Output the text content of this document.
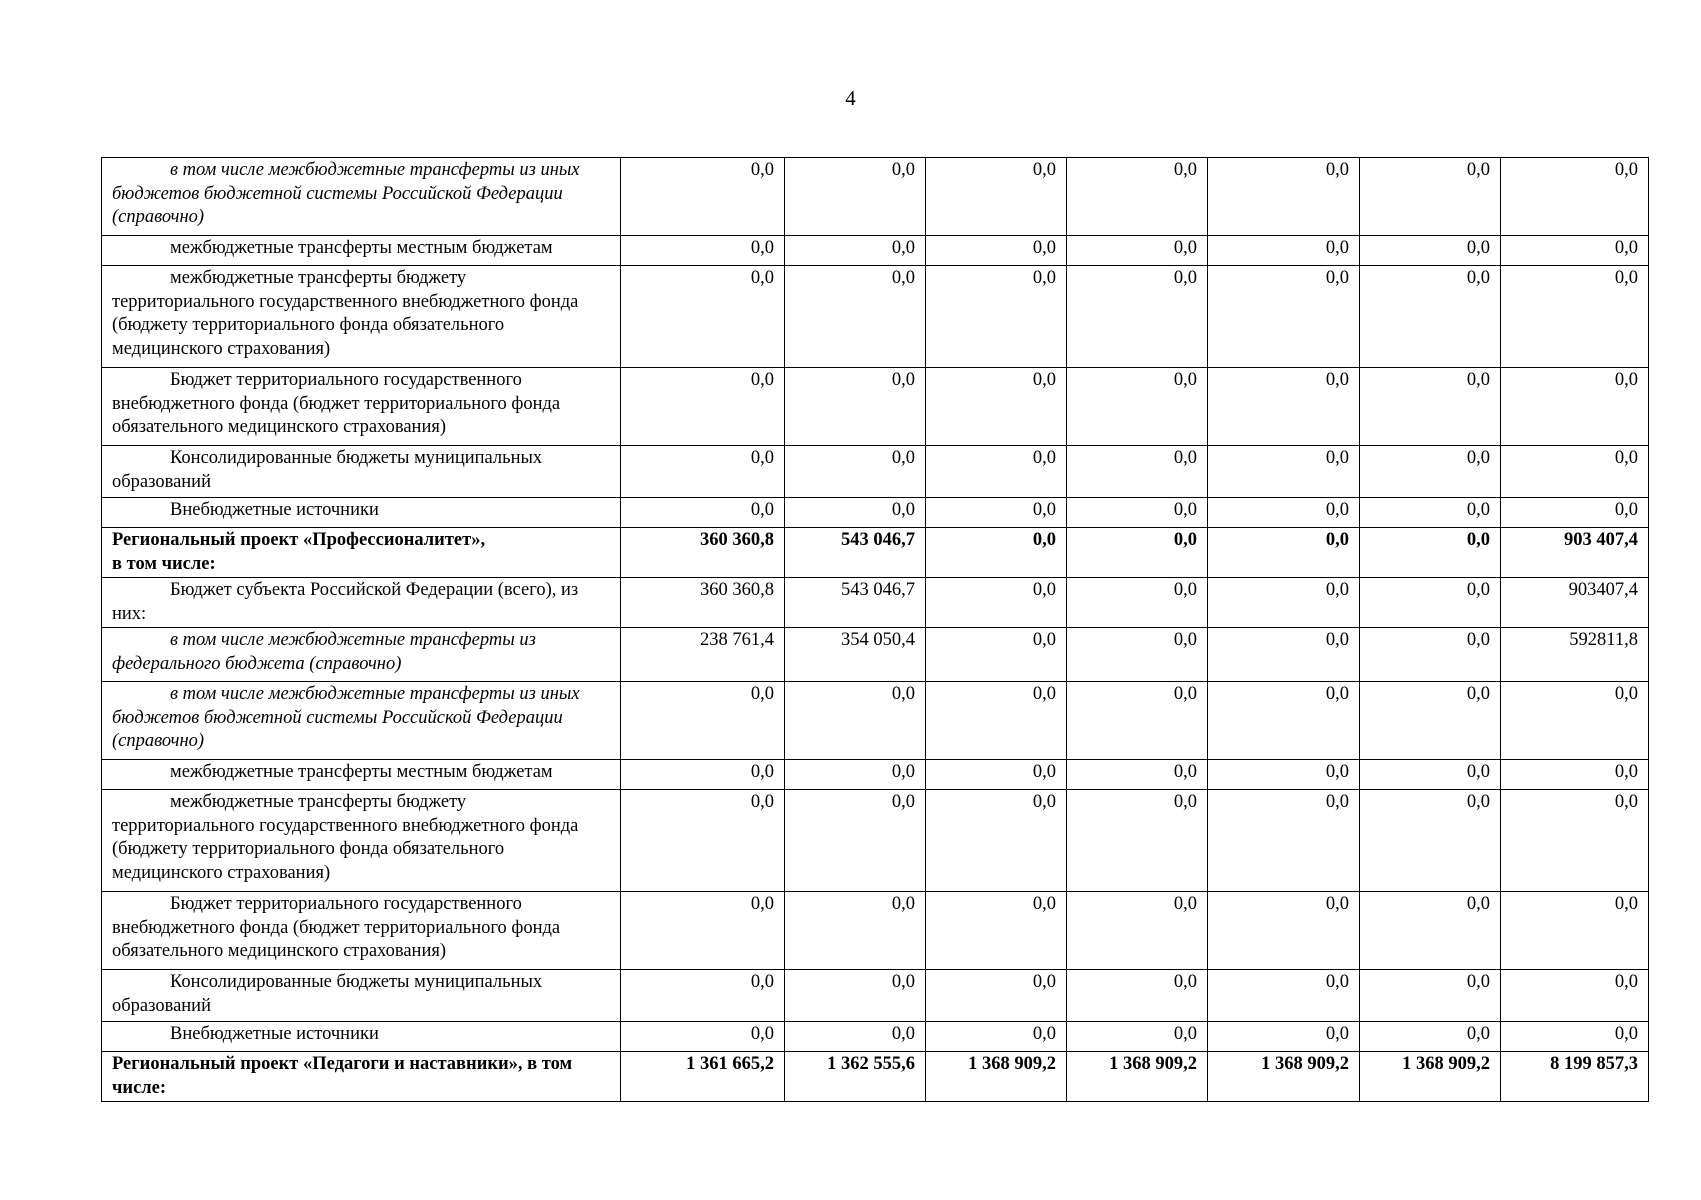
4
в том числе межбюджетные трансферты из иных бюджетов бюджетной системы Российской Федерации (справочно)	0,0	0,0	0,0	0,0	0,0	0,0	0,0

межбюджетные трансферты местным бюджетам	0,0	0,0	0,0	0,0	0,0	0,0	0,0

межбюджетные трансферты бюджету территориального государственного внебюджетного фонда (бюджету территориального фонда обязательного медицинского страхования)	0,0	0,0	0,0	0,0	0,0	0,0	0,0

Бюджет территориального государственного внебюджетного фонда (бюджет территориального фонда обязательного медицинского страхования)	0,0	0,0	0,0	0,0	0,0	0,0	0,0

Консолидированные бюджеты муниципальных образований	0,0	0,0	0,0	0,0	0,0	0,0	0,0

Внебюджетные источники	0,0	0,0	0,0	0,0	0,0	0,0	0,0

Региональный проект «Профессионалитет»,
в том числе:	360 360,8	543 046,7	0,0	0,0	0,0	0,0	903 407,4

Бюджет субъекта Российской Федерации (всего), из них:	360 360,8	543 046,7	0,0	0,0	0,0	0,0	903407,4

в том числе межбюджетные трансферты из федерального бюджета (справочно)	238 761,4	354 050,4	0,0	0,0	0,0	0,0	592811,8

в том числе межбюджетные трансферты из иных бюджетов бюджетной системы Российской Федерации (справочно)	0,0	0,0	0,0	0,0	0,0	0,0	0,0

межбюджетные трансферты местным бюджетам	0,0	0,0	0,0	0,0	0,0	0,0	0,0

межбюджетные трансферты бюджету территориального государственного внебюджетного фонда (бюджету территориального фонда обязательного медицинского страхования)	0,0	0,0	0,0	0,0	0,0	0,0	0,0

Бюджет территориального государственного внебюджетного фонда (бюджет территориального фонда обязательного медицинского страхования)	0,0	0,0	0,0	0,0	0,0	0,0	0,0

Консолидированные бюджеты муниципальных образований	0,0	0,0	0,0	0,0	0,0	0,0	0,0

Внебюджетные источники	0,0	0,0	0,0	0,0	0,0	0,0	0,0

Региональный проект «Педагоги и наставники», в том числе:	1 361 665,2	1 362 555,6	1 368 909,2	1 368 909,2	1 368 909,2	1 368 909,2	8 199 857,3
